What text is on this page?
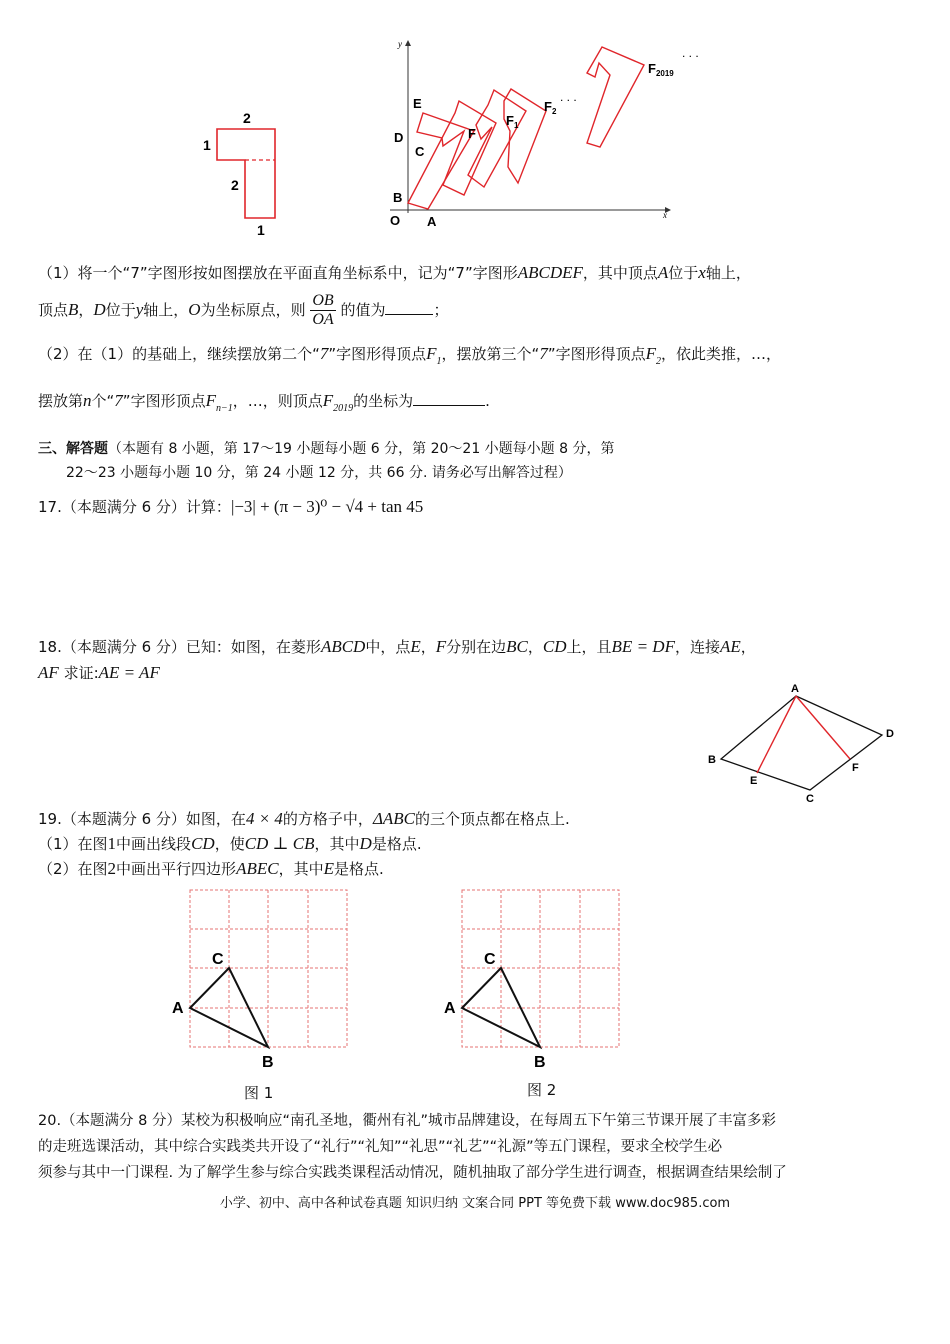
2
1
2
1
y
x
O
E
D
C
B
A
F
$F_1$
$F_2$
$F_{2019}$
. . .
. . .
（1）将一个“7”字图形按如图摆放在平面直角坐标系中，记为“7”字图形ABCDEF，其中顶点A位于x轴上，
顶点B，D位于y轴上，O为坐标原点，则 $\frac{OB}{OA}$ 的值为	；
（2）在（1）的基础上，继续摆放第二个“7”字图形得顶点$F_1$，摆放第三个“7”字图形得顶点$F_2$，依此类推，…，
摆放第n个“7”字图形顶点$F_{n-1}$，…，则顶点$F_{2019}$的坐标为	.
三、解答题（本题有 8 小题，第 17～19 小题每小题 6 分，第 20～21 小题每小题 8 分，第
22～23 小题每小题 10 分，第 24 小题 12 分，共 66 分. 请务必写出解答过程）
17.（本题满分 6 分）计算：|−3| + (π − 3)⁰ − √4 + tan 45
18.（本题满分 6 分）已知：如图，在菱形ABCD中，点E，F分别在边BC，CD上，且BE = DF，连接AE，
AF 求证:AE = AF
A
D
B
E
F
C
19.（本题满分 6 分）如图，在4 × 4的方格子中，ΔABC的三个顶点都在格点上.
（1）在图1中画出线段CD，使CD ⊥ CB，其中D是格点.
（2）在图2中画出平行四边形ABEC，其中E是格点.
C
A
B
图 1
C
A
B
图 2
20.（本题满分 8 分）某校为积极响应“南孔圣地，衢州有礼”城市品牌建设，在每周五下午第三节课开展了丰富多彩
的走班选课活动，其中综合实践类共开设了“礼行”“礼知”“礼思”“礼艺”“礼源”等五门课程，要求全校学生必
须参与其中一门课程. 为了解学生参与综合实践类课程活动情况，随机抽取了部分学生进行调查，根据调查结果绘制了
小学、初中、高中各种试卷真题 知识归纳 文案合同 PPT 等免费下载 www.doc985.com
